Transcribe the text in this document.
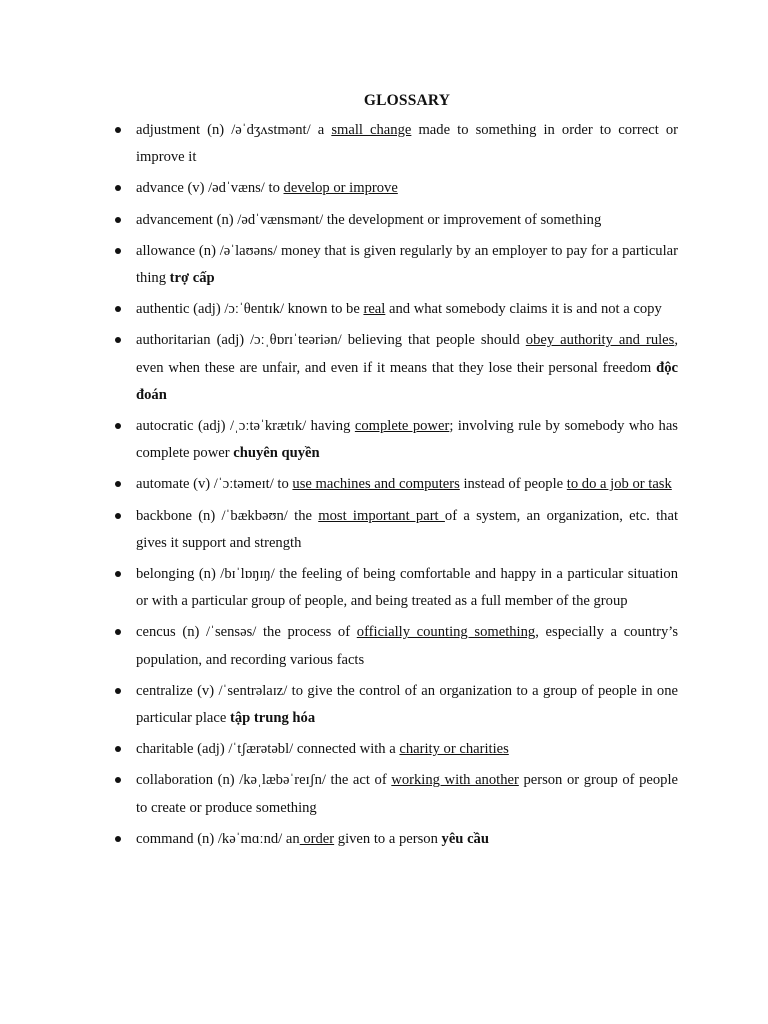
GLOSSARY
adjustment (n) /əˈdʒʌstmənt/ a small change made to something in order to correct or improve it
advance (v) /ədˈvæns/ to develop or improve
advancement (n) /ədˈvænsmənt/ the development or improvement of something
allowance (n) /əˈlaʊəns/ money that is given regularly by an employer to pay for a particular thing trợ cấp
authentic (adj) /ɔːˈθentɪk/ known to be real and what somebody claims it is and not a copy
authoritarian (adj) /ɔːˌθɒrɪˈteəriən/ believing that people should obey authority and rules, even when these are unfair, and even if it means that they lose their personal freedom độc đoán
autocratic (adj) /ˌɔːtəˈkrætɪk/ having complete power; involving rule by somebody who has complete power chuyên quyền
automate (v) /ˈɔːtəmeɪt/ to use machines and computers instead of people to do a job or task
backbone (n) /ˈbækbəʊn/ the most important part of a system, an organization, etc. that gives it support and strength
belonging (n) /bɪˈlɒŋɪŋ/ the feeling of being comfortable and happy in a particular situation or with a particular group of people, and being treated as a full member of the group
cencus (n) /ˈsensəs/ the process of officially counting something, especially a country’s population, and recording various facts
centralize (v) /ˈsentrəlaɪz/ to give the control of an organization to a group of people in one particular place tập trung hóa
charitable (adj) /ˈtʃærətəbl/ connected with a charity or charities
collaboration (n) /kəˌlæbəˈreɪʃn/ the act of working with another person or group of people to create or produce something
command (n) /kəˈmɑːnd/ an order given to a person yêu cầu
